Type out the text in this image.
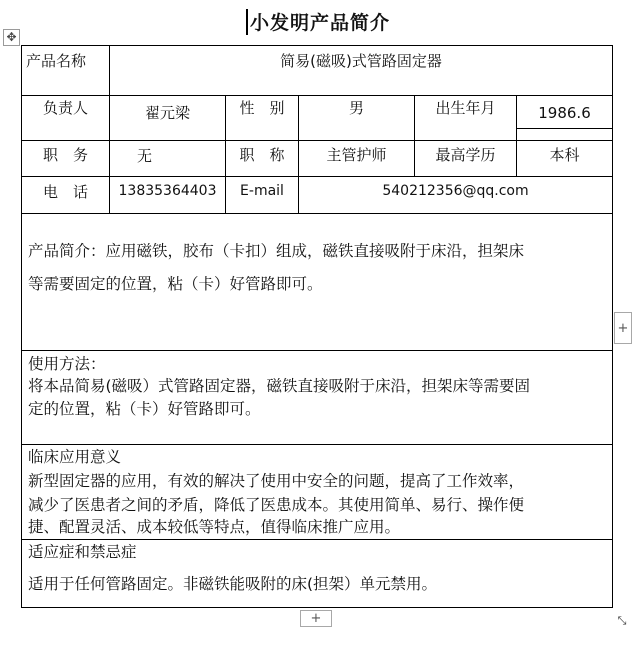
小发明产品简介
✥
产品名称	简易(磁吸)式管路固定器
负责人	翟元梁	性　别	男	出生年月	1986.6
职　务	无	职　称	主管护师	最高学历	本科
电　话	13835364403	E-mail	540212356@qq.com
产品简介：应用磁铁，胶布（卡扣）组成，磁铁直接吸附于床沿，担架床
等需要固定的位置，粘（卡）好管路即可。
使用方法：
将本品简易(磁吸）式管路固定器，磁铁直接吸附于床沿，担架床等需要固
定的位置，粘（卡）好管路即可。
临床应用意义
新型固定器的应用，有效的解决了使用中安全的问题，提高了工作效率，
减少了医患者之间的矛盾，降低了医患成本。其使用简单、易行、操作便
捷、配置灵活、成本较低等特点，值得临床推广应用。
适应症和禁忌症
适用于任何管路固定。非磁铁能吸附的床(担架）单元禁用。
+
+	⤡
